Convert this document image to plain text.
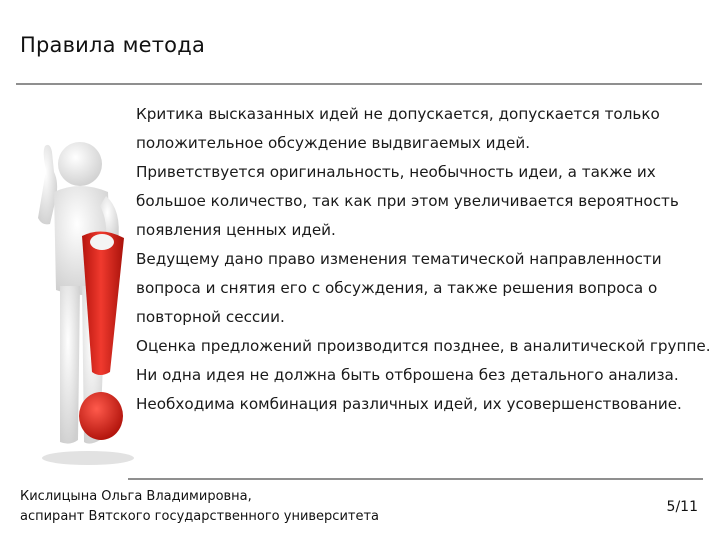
Правила метода

Критика высказанных идей не допускается, допускается только положительное обсуждение выдвигаемых идей.

Приветствуется оригинальность, необычность идеи, а также их большое количество, так как при этом увеличивается вероятность появления ценных идей.

Ведущему дано право изменения тематической направленности вопроса и снятия его с обсуждения, а также решения вопроса о повторной сессии.

Оценка предложений производится позднее, в аналитической группе.

Ни одна идея не должна быть отброшена без детального анализа.

Необходима комбинация различных идей, их усовершенствование.

Кислицына Ольга Владимировна,
аспирант Вятского государственного университета
5/11
